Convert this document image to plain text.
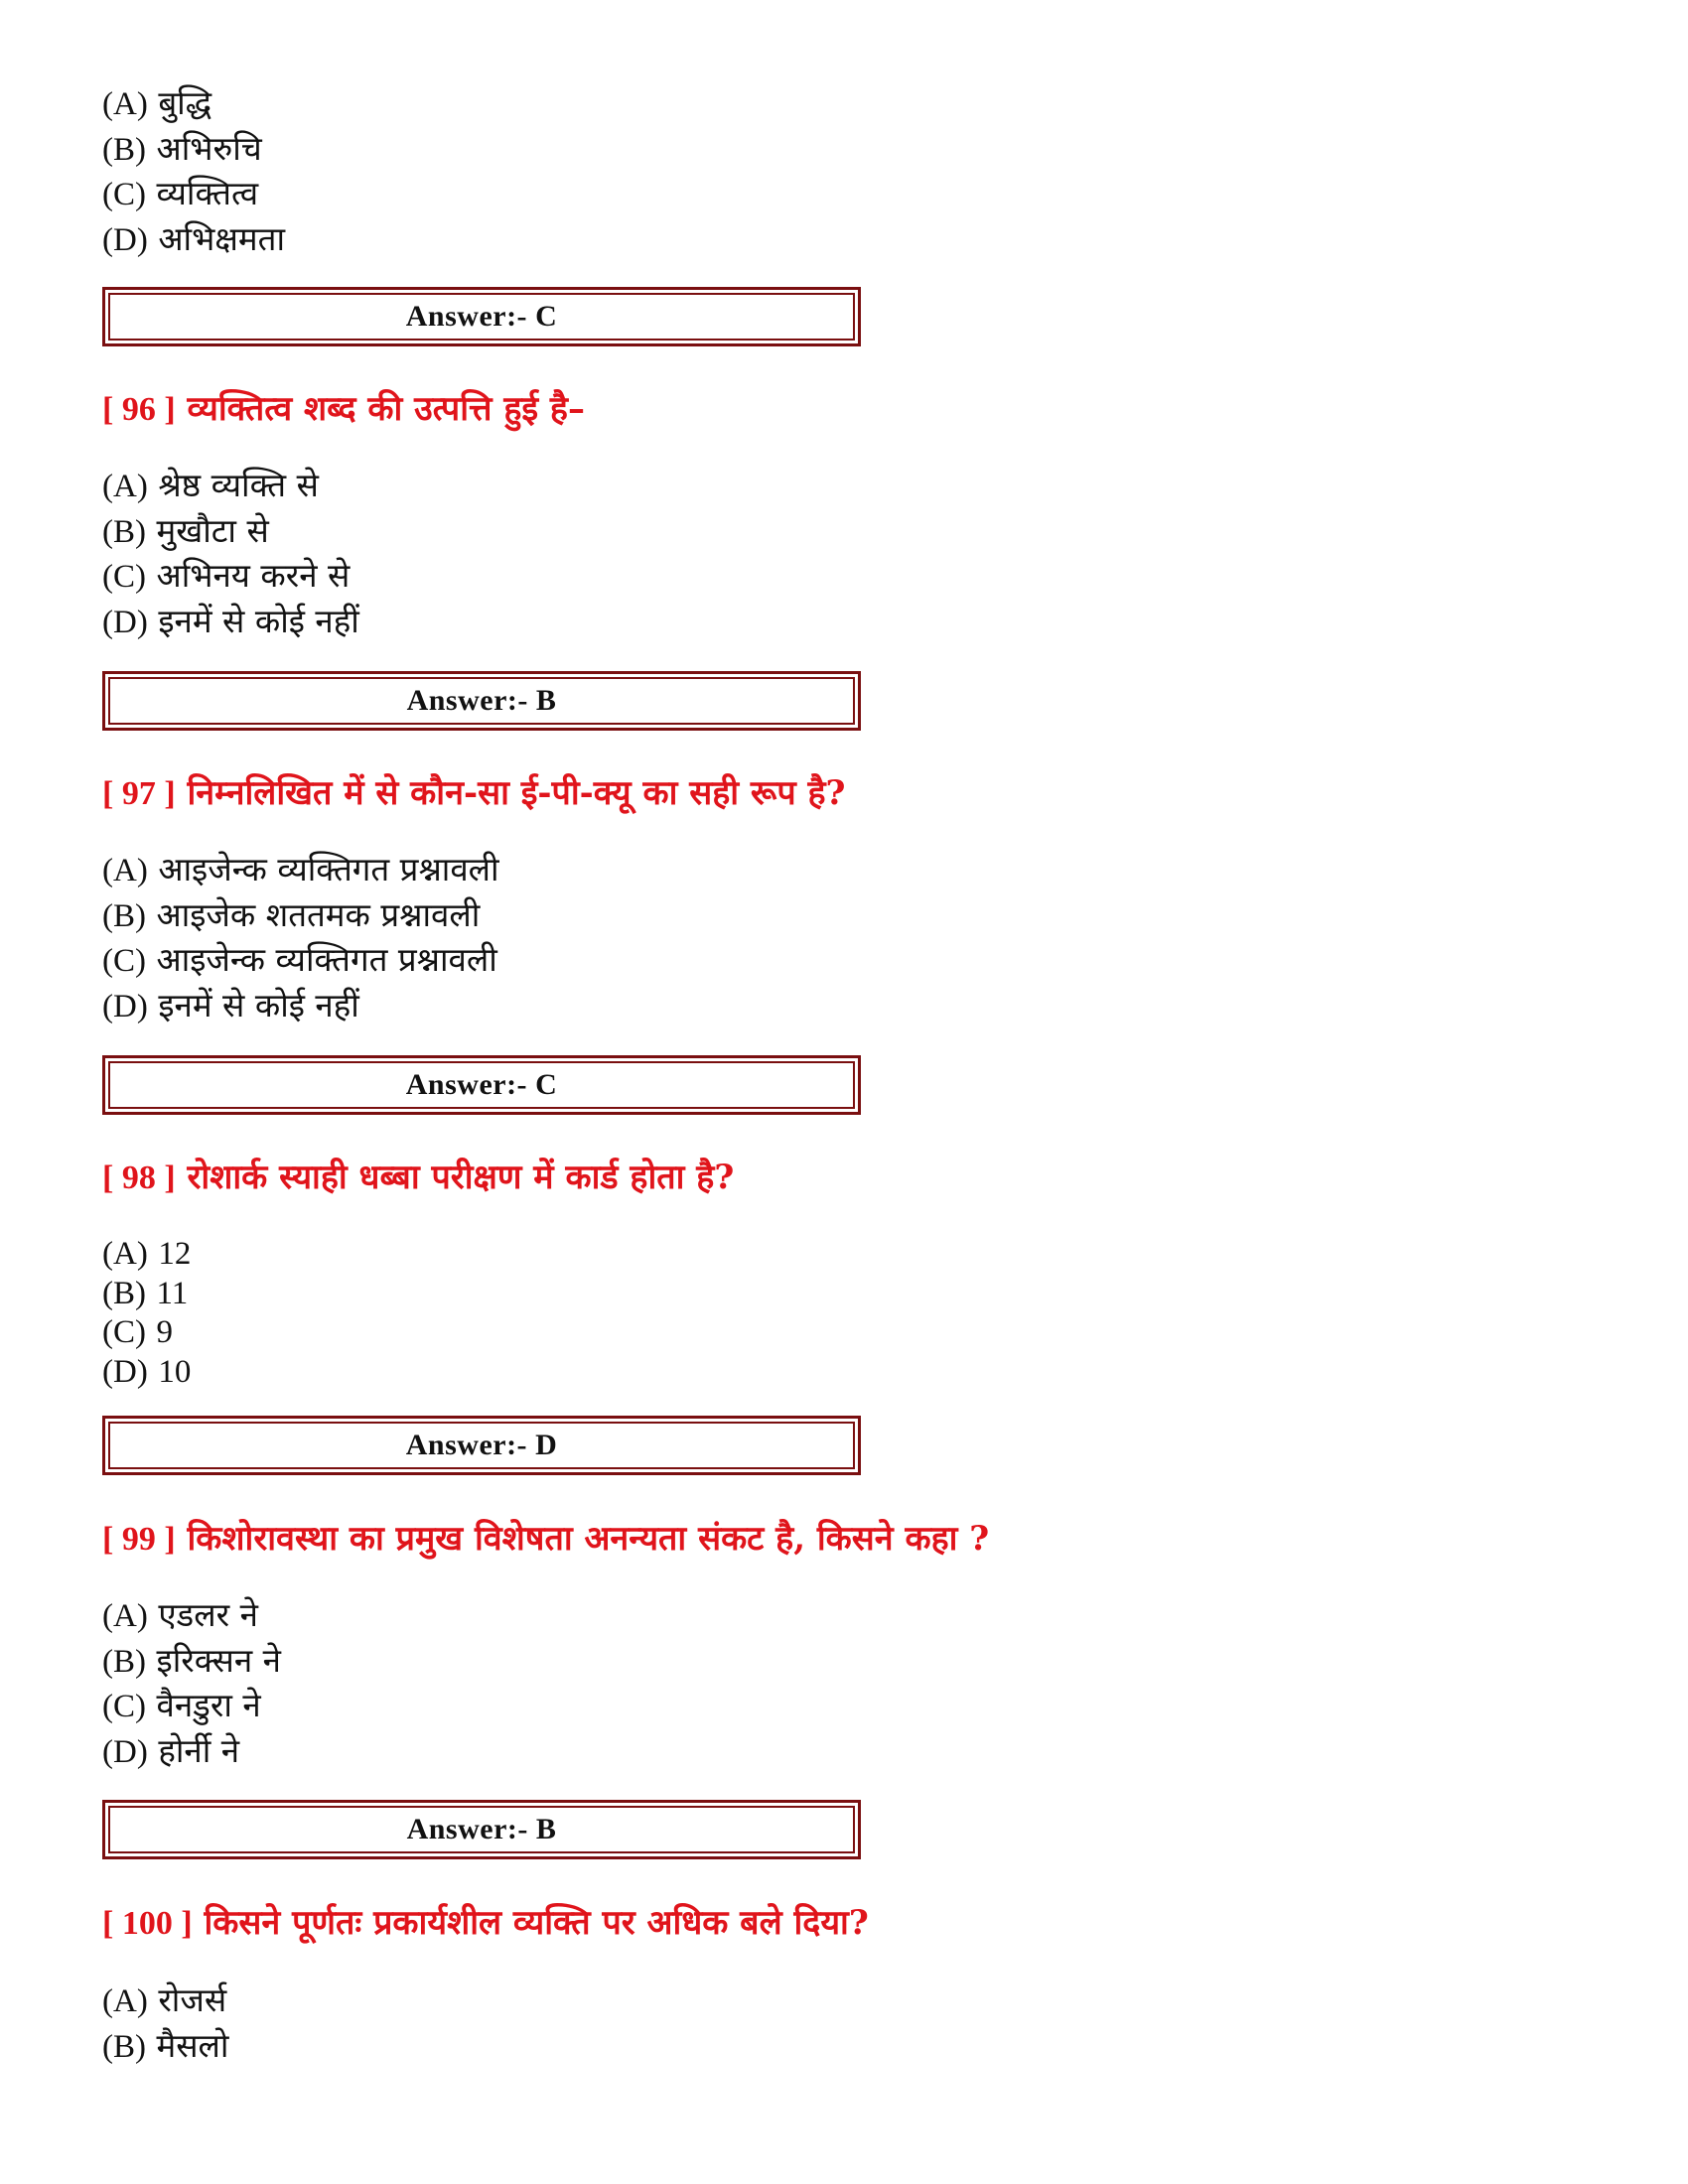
(A) बुद्धि
(B) अभिरुचि
(C) व्यक्तित्व
(D) अभिक्षमता
Answer:- C
[ 96 ] व्यक्तित्व शब्द की उत्पत्ति हुई है–
(A) श्रेष्ठ व्यक्ति से
(B) मुखौटा से
(C) अभिनय करने से
(D) इनमें से कोई नहीं
Answer:- B
[ 97 ] निम्नलिखित में से कौन-सा ई-पी-क्यू का सही रूप है?
(A) आइजेन्क व्यक्तिगत प्रश्नावली
(B) आइजेक शततमक प्रश्नावली
(C) आइजेन्क व्यक्तिगत प्रश्नावली
(D) इनमें से कोई नहीं
Answer:- C
[ 98 ] रोशार्क स्याही धब्बा परीक्षण में कार्ड होता है?
(A) 12
(B) 11
(C) 9
(D) 10
Answer:- D
[ 99 ] किशोरावस्था का प्रमुख विशेषता अनन्यता संकट है, किसने कहा ?
(A) एडलर ने
(B) इरिक्सन ने
(C) वैनडुरा ने
(D) होर्नी ने
Answer:- B
[ 100 ] किसने पूर्णतः प्रकार्यशील व्यक्ति पर अधिक बले दिया?
(A) रोजर्स
(B) मैसलो
